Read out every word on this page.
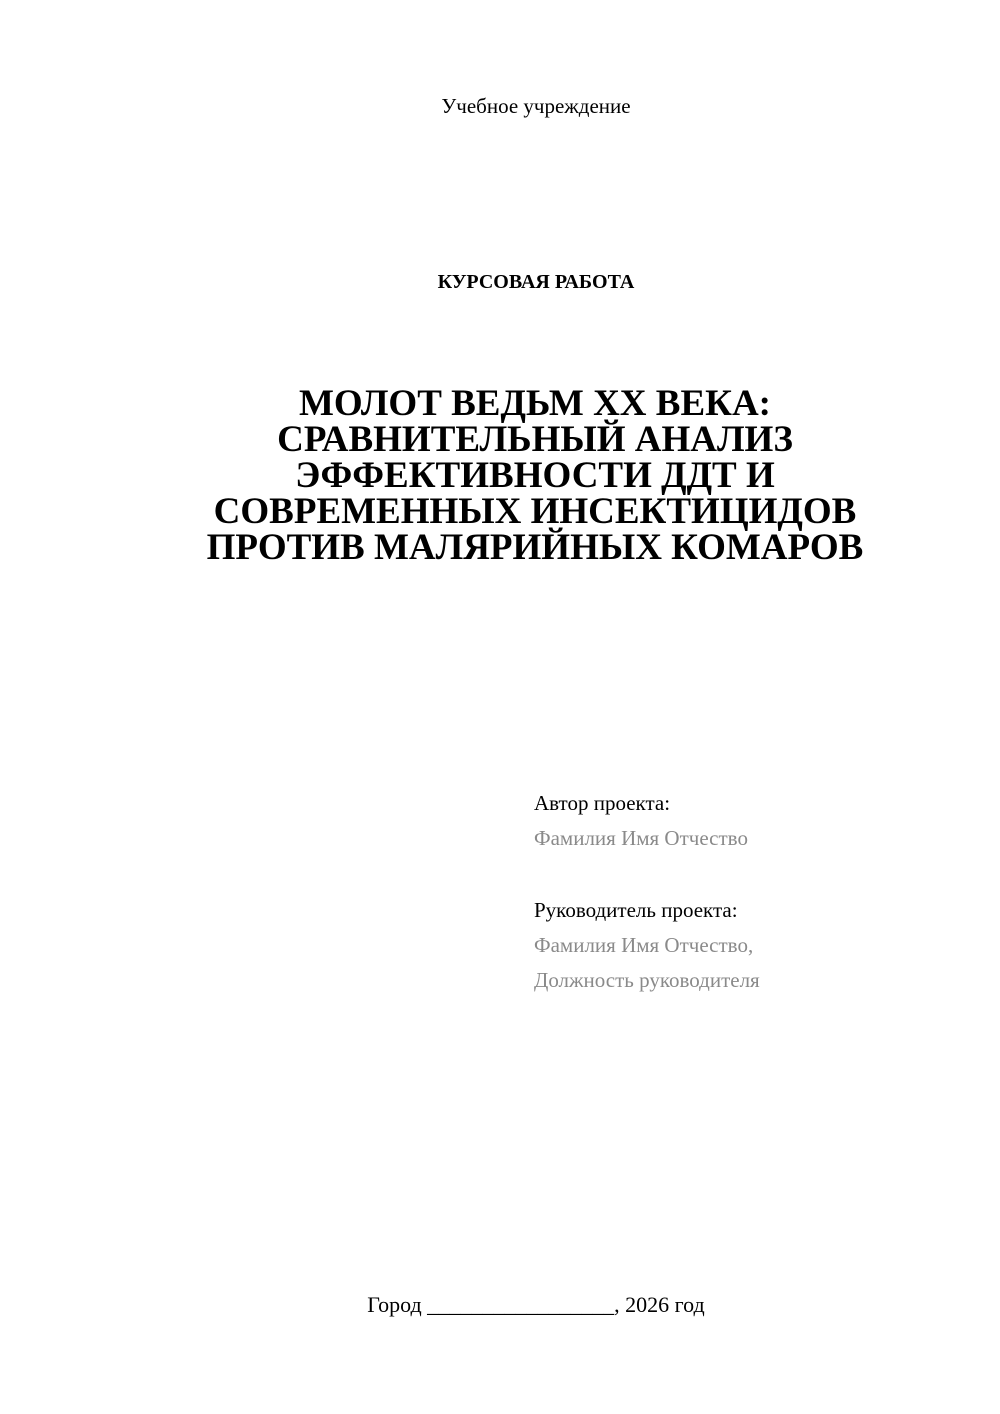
Учебное учреждение
КУРСОВАЯ РАБОТА
МОЛОТ ВЕДЬМ XX ВЕКА:
СРАВНИТЕЛЬНЫЙ АНАЛИЗ
ЭФФЕКТИВНОСТИ ДДТ И
СОВРЕМЕННЫХ ИНСЕКТИЦИДОВ
ПРОТИВ МАЛЯРИЙНЫХ КОМАРОВ
Автор проекта:
Фамилия Имя Отчество
Руководитель проекта:
Фамилия Имя Отчество,
Должность руководителя
Город _________________, 2026 год
